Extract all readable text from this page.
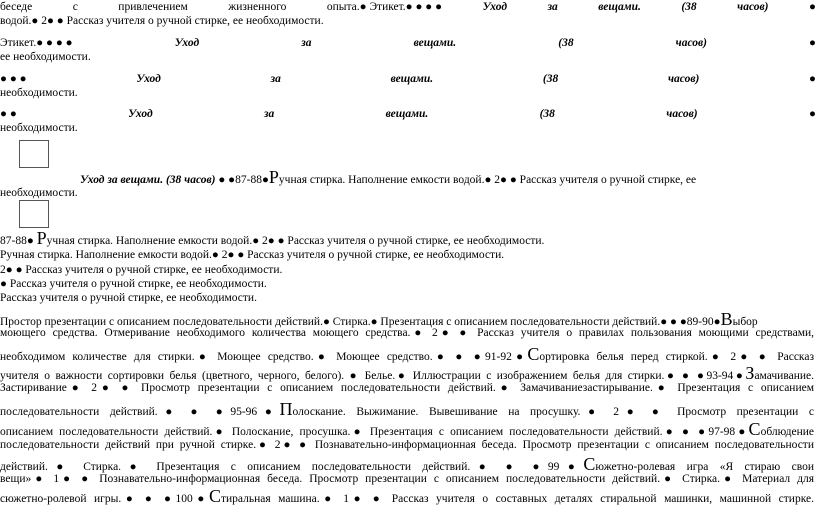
беседе	с	привлечением	жизненного	опыта.● Этикет.● ● ● ●	Уход	за	вещами.	(38	часов)	●
водой.● 2● ● Рассказ учителя о ручной стирке, ее необходимости.
Этикет.● ● ● ●	Уход	за	вещами.	(38	часов)	●
ее необходимости.
● ● ●	Уход	за	вещами.	(38	часов)	●
необходимости.
● ●	Уход	за	вещами.	(38	часов)	●
необходимости.
Уход за вещами. (38 часов) ● ●87-88●Ручная стирка. Наполнение емкости водой.● 2● ● Рассказ учителя о ручной стирке, ее
необходимости.
87-88● Ручная стирка. Наполнение емкости водой.● 2● ● Рассказ учителя о ручной стирке, ее необходимости.
Ручная стирка. Наполнение емкости водой.● 2● ● Рассказ учителя о ручной стирке, ее необходимости.
2● ● Рассказ учителя о ручной стирке, ее необходимости.
● Рассказ учителя о ручной стирке, ее необходимости.
Рассказ учителя о ручной стирке, ее необходимости.
Простор презентации с описанием последовательности действий.● Стирка.● Презентация с описанием последовательности действий.● ● ●89-90●Выбор
моющего средства. Отмеривание необходимого количества моющего средства.● 2● ● Рассказ учителя о правилах пользования моющими средствами,
необходимом количестве для стирки.● Моющее средство.● Моющее средство.● ● ●91-92●Сортировка белья перед стиркой.● 2● ● Рассказ
учителя о важности сортировки белья (цветного, черного, белого). ● Белье.● Иллюстрации с изображением белья для стирки.● ● ●93-94●Замачивание.
Застиривание● 2● ● Просмотр презентации с описанием последовательности действий.● Замачиваниезастирывание.● Презентация с описанием
последовательности действий.● ● ●95-96●Полоскание. Выжимание. Вывешивание на просушку.● 2● ● Просмотр презентации с
описанием последовательности действий.● Полоскание, просушка.● Презентация с описанием последовательности действий.● ● ●97-98●Соблюдение
последовательности действий при ручной стирке.● 2● ● Познавательно-информационная беседа. Просмотр презентации с описанием последовательности
действий.● Стирка.● Презентация с описанием последовательности действий.● ● ●99●Сюжетно-ролевая игра «Я стираю свои
вещи»● 1● ● Познавательно-информационная беседа. Просмотр презентации с описанием последовательности действий.● Стирка.● Материал для
сюжетно-ролевой игры.● ● ●100●Стиральная машина.● 1● ● Рассказ учителя о составных деталях стиральной машинки, машинной стирке.
